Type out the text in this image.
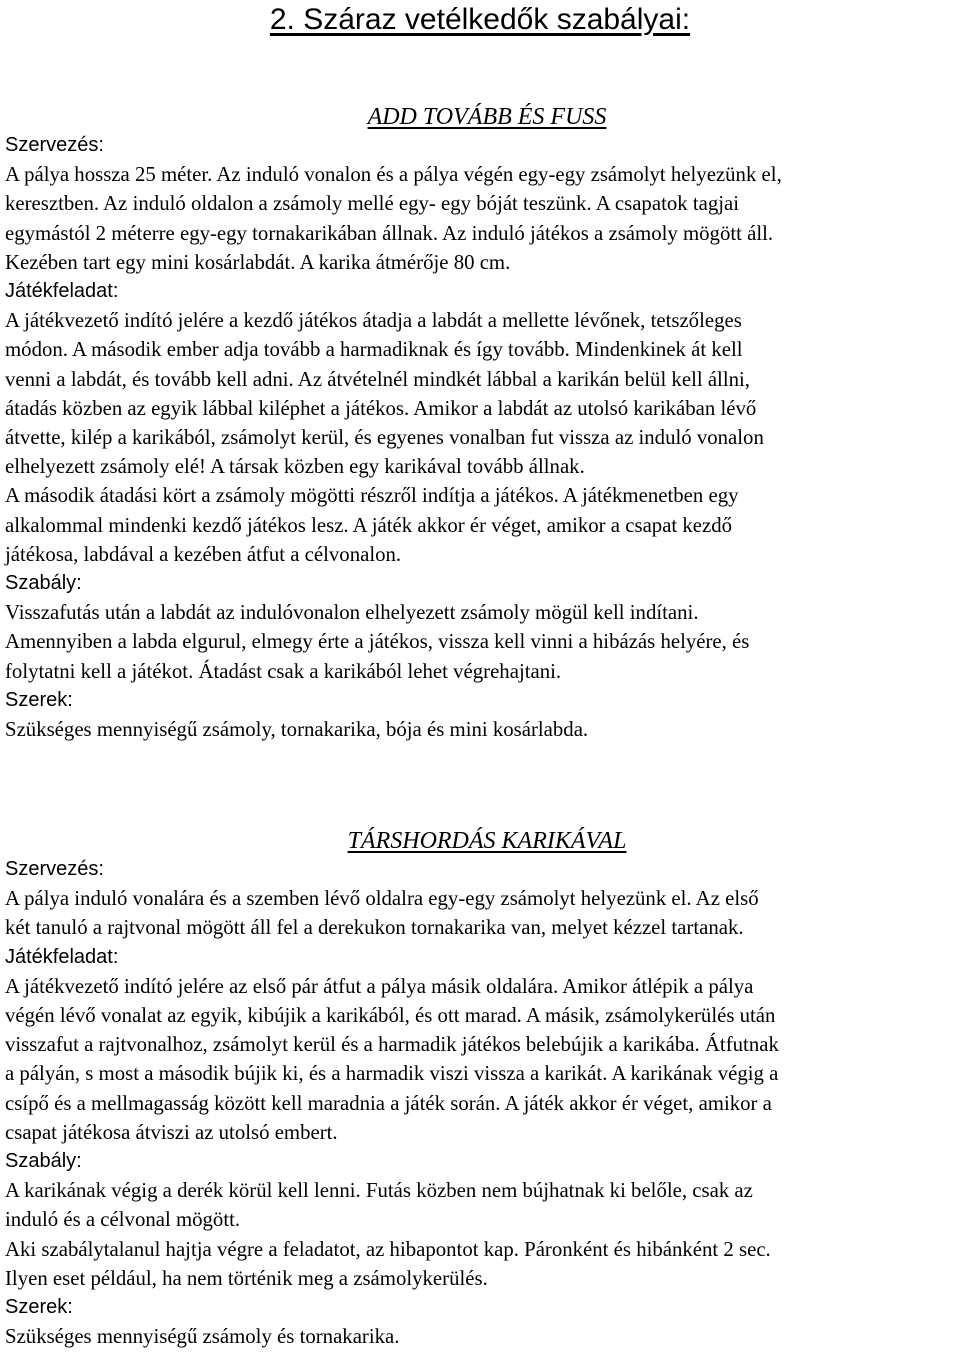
2. Száraz vetélkedők szabályai:
ADD TOVÁBB ÉS FUSS

Szervezés:

A pálya hossza 25 méter. Az induló vonalon és a pálya végén egy-egy zsámolyt helyezünk el,

keresztben. Az induló oldalon a zsámoly mellé egy- egy bóját teszünk. A csapatok tagjai

egymástól 2 méterre egy-egy tornakarikában állnak. Az induló játékos a zsámoly mögött áll.

Kezében tart egy mini kosárlabdát. A karika átmérője 80 cm.

Játékfeladat:

A játékvezető indító jelére a kezdő játékos átadja a labdát a mellette lévőnek, tetszőleges

módon. A második ember adja tovább a harmadiknak és így tovább. Mindenkinek át kell

venni a labdát, és tovább kell adni. Az átvételnél mindkét lábbal a karikán belül kell állni,

átadás közben az egyik lábbal kiléphet a játékos. Amikor a labdát az utolsó karikában lévő

átvette, kilép a karikából, zsámolyt kerül, és egyenes vonalban fut vissza az induló vonalon

elhelyezett zsámoly elé! A társak közben egy karikával tovább állnak.

A második átadási kört a zsámoly mögötti részről indítja a játékos. A játékmenetben egy

alkalommal mindenki kezdő játékos lesz. A játék akkor ér véget, amikor a csapat kezdő

játékosa, labdával a kezében átfut a célvonalon.

Szabály:

Visszafutás után a labdát az indulóvonalon elhelyezett zsámoly mögül kell indítani.

Amennyiben a labda elgurul, elmegy érte a játékos, vissza kell vinni a hibázás helyére, és

folytatni kell a játékot. Átadást csak a karikából lehet végrehajtani.

Szerek:

Szükséges mennyiségű zsámoly, tornakarika, bója és mini kosárlabda.

TÁRSHORDÁS KARIKÁVAL

Szervezés:

A pálya induló vonalára és a szemben lévő oldalra egy-egy zsámolyt helyezünk el. Az első

két tanuló a rajtvonal mögött áll fel a derekukon tornakarika van, melyet kézzel tartanak.

Játékfeladat:

A játékvezető indító jelére az első pár átfut a pálya másik oldalára. Amikor átlépik a pálya

végén lévő vonalat az egyik, kibújik a karikából, és ott marad. A másik, zsámolykerülés után

visszafut a rajtvonalhoz, zsámolyt kerül és a harmadik játékos belebújik a karikába. Átfutnak

a pályán, s most a második bújik ki, és a harmadik viszi vissza a karikát. A karikának végig a

csípő és a mellmagasság között kell maradnia a játék során. A játék akkor ér véget, amikor a

csapat játékosa átviszi az utolsó embert.

Szabály:

A karikának végig a derék körül kell lenni. Futás közben nem bújhatnak ki belőle, csak az

induló és a célvonal mögött.

Aki szabálytalanul hajtja végre a feladatot, az hibapontot kap. Páronként és hibánként 2 sec.

Ilyen eset például, ha nem történik meg a zsámolykerülés.

Szerek:

Szükséges mennyiségű zsámoly és tornakarika.
